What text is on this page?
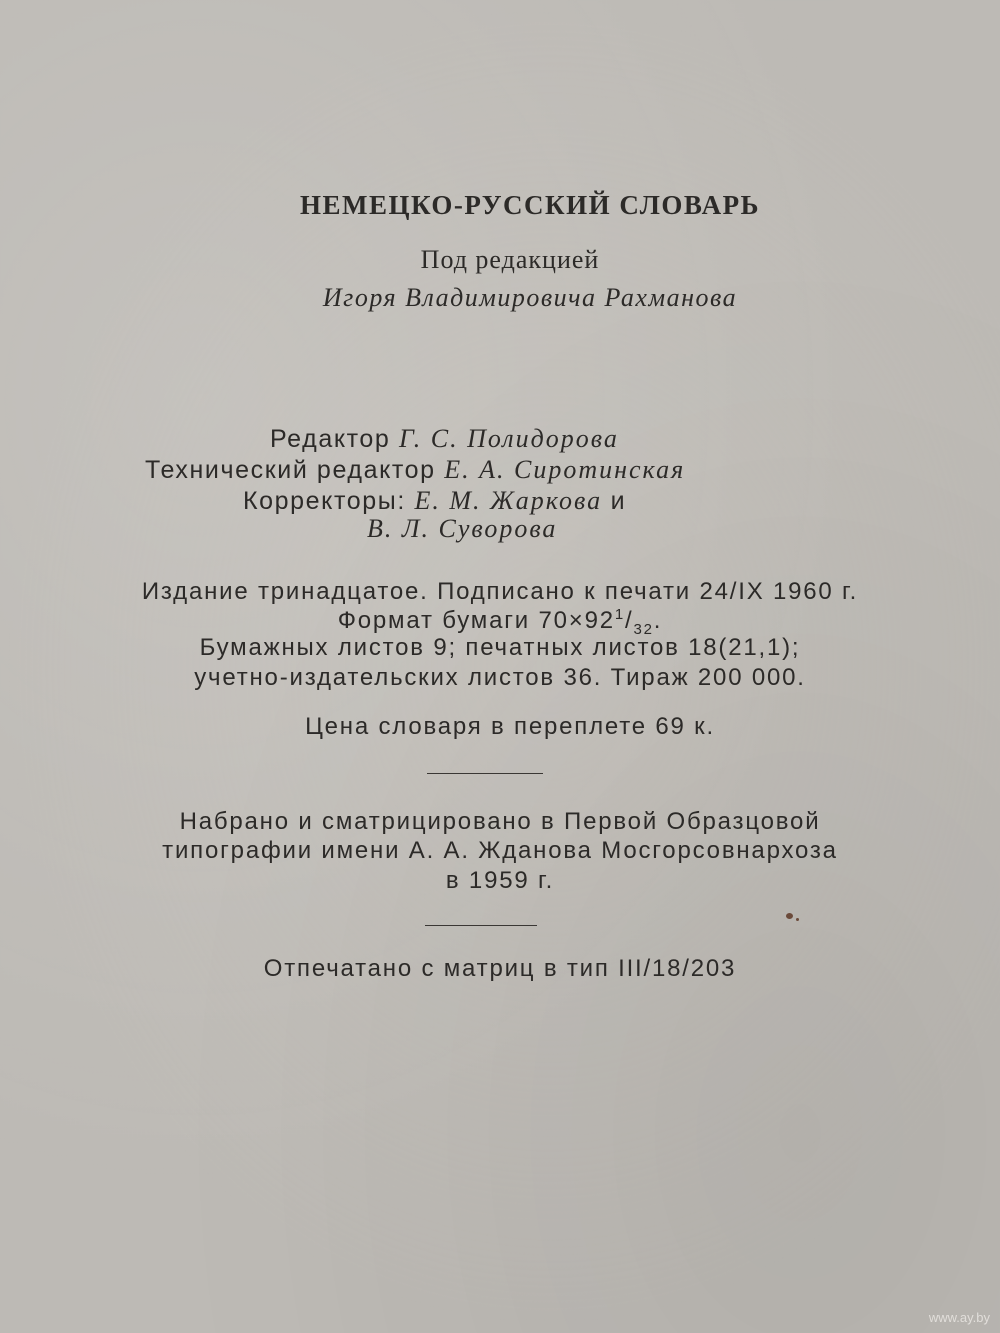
НЕМЕЦКО-РУССКИЙ СЛОВАРЬ
Под редакцией
Игоря Владимировича Рахманова
Редактор Г. С. Полидорова
Технический редактор Е. А. Сиротинская
Корректоры: Е. М. Жаркова и
В. Л. Суворова
Издание тринадцатое. Подписано к печати 24/IX 1960 г.
Формат бумаги $70\times 92^1/_{32}$.
Бумажных листов 9; печатных листов 18(21,1);
учетно-издательских листов 36. Тираж 200 000.
Цена словаря в переплете 69 к.
Набрано и сматрицировано в Первой Образцовой
типографии имени А. А. Жданова Мосгорсовнархоза
в 1959 г.
Отпечатано с матриц в тип III/18/203
www.ay.by
